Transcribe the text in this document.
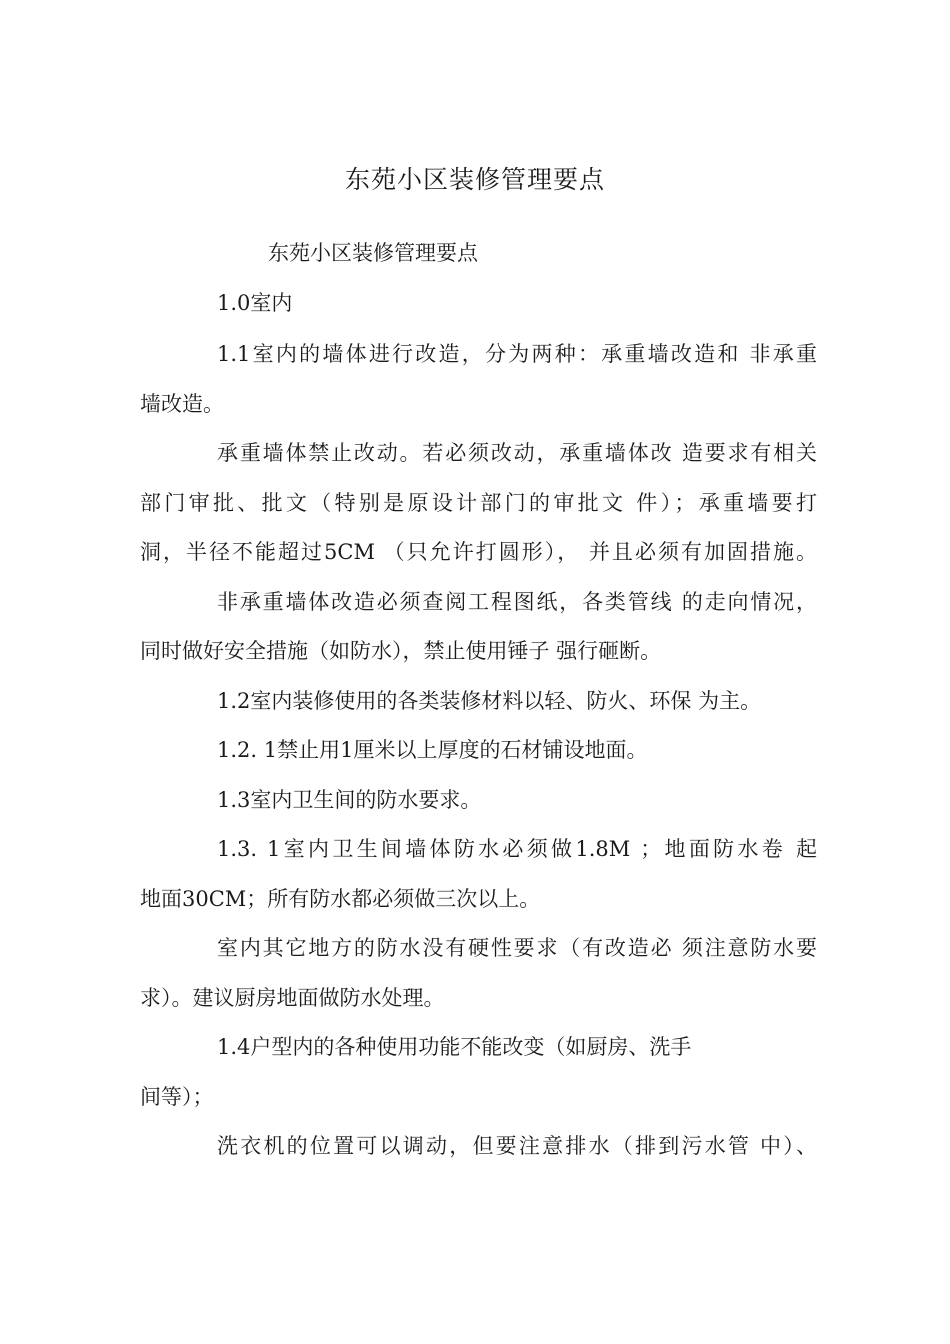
东苑小区装修管理要点

东苑小区装修管理要点

1.0室内

1.1室内的墙体进行改造，分为两种：承重墙改造和 非承重

墙改造。

承重墙体禁止改动。若必须改动，承重墙体改 造要求有相关

部门审批、批文（特别是原设计部门的审批文 件）；承重墙要打

洞，半径不能超过5CM （只允许打圆形）， 并且必须有加固措施。

非承重墙体改造必须查阅工程图纸，各类管线 的走向情况，

同时做好安全措施（如防水），禁止使用锤子 强行砸断。

1.2室内装修使用的各类装修材料以轻、防火、环保 为主。

1.2. 1禁止用1厘米以上厚度的石材铺设地面。

1.3室内卫生间的防水要求。

1.3. 1室内卫生间墙体防水必须做1.8M ；地面防水卷 起

地面30CM；所有防水都必须做三次以上。

室内其它地方的防水没有硬性要求（有改造必 须注意防水要

求）。建议厨房地面做防水处理。

1.4户型内的各种使用功能不能改变（如厨房、洗手

间等）；

洗衣机的位置可以调动，但要注意排水（排到污水管 中）、
